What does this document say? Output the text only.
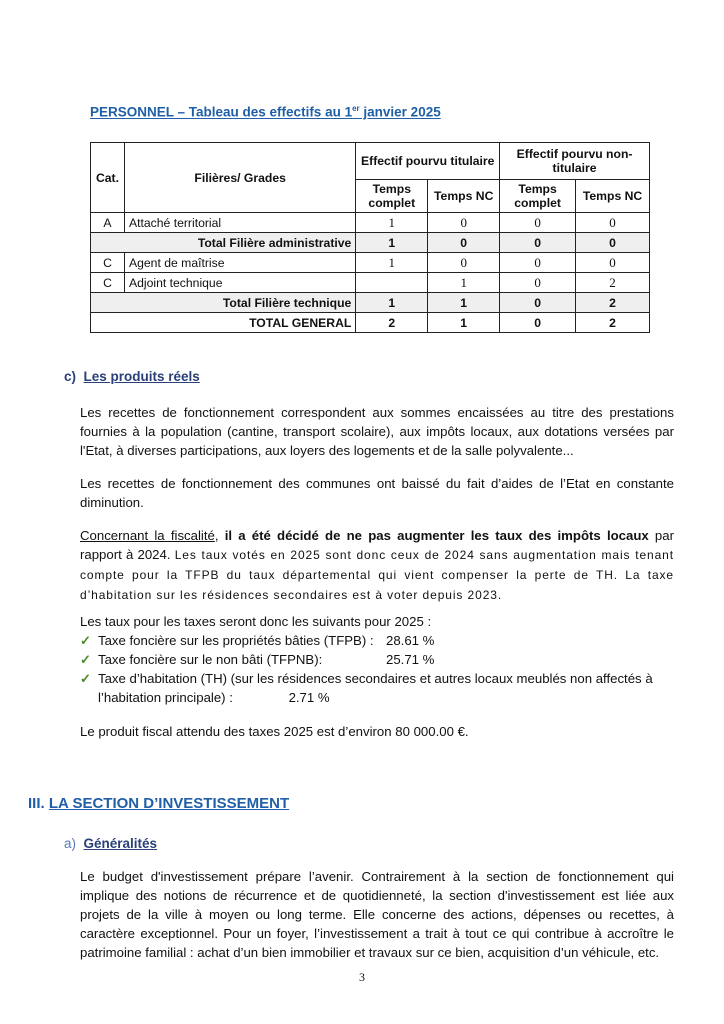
PERSONNEL – Tableau des effectifs au 1er janvier 2025
Cat.	Filières/ Grades	Effectif pourvu titulaire		Effectif pourvu non-titulaire	
		Temps complet	Temps NC	Temps complet	Temps NC
A	Attaché territorial	1	0	0	0
Total Filière administrative		1	0	0	0
C	Agent de maîtrise	1	0	0	0
C	Adjoint technique		1	0	2
Total Filière technique		1	1	0	2
TOTAL GENERAL		2	1	0	2
c) Les produits réels
Les recettes de fonctionnement correspondent aux sommes encaissées au titre des prestations fournies à la population (cantine, transport scolaire), aux impôts locaux, aux dotations versées par l'Etat, à diverses participations, aux loyers des logements et de la salle polyvalente...
Les recettes de fonctionnement des communes ont baissé du fait d’aides de l’Etat en constante diminution.
Concernant la fiscalité, il a été décidé de ne pas augmenter les taux des impôts locaux par rapport à 2024. Les taux votés en 2025 sont donc ceux de 2024 sans augmentation mais tenant compte pour la TFPB du taux départemental qui vient compenser la perte de TH. La taxe d’habitation sur les résidences secondaires est à voter depuis 2023.
Les taux pour les taxes seront donc les suivants pour 2025 :
✓ Taxe foncière sur les propriétés bâties (TFPB) : 28.61 %
✓ Taxe foncière sur le non bâti (TFPNB):	25.71 %
✓ Taxe d’habitation (TH) (sur les résidences secondaires et autres locaux meublés non affectés à l’habitation principale) :	2.71 %
Le produit fiscal attendu des taxes 2025 est d’environ 80 000.00 €.
III. LA SECTION D’INVESTISSEMENT
a) Généralités
Le budget d'investissement prépare l’avenir. Contrairement à la section de fonctionnement qui implique des notions de récurrence et de quotidienneté, la section d'investissement est liée aux projets de la ville à moyen ou long terme. Elle concerne des actions, dépenses ou recettes, à caractère exceptionnel. Pour un foyer, l’investissement a trait à tout ce qui contribue à accroître le patrimoine familial : achat d’un bien immobilier et travaux sur ce bien, acquisition d’un véhicule, etc.
3
